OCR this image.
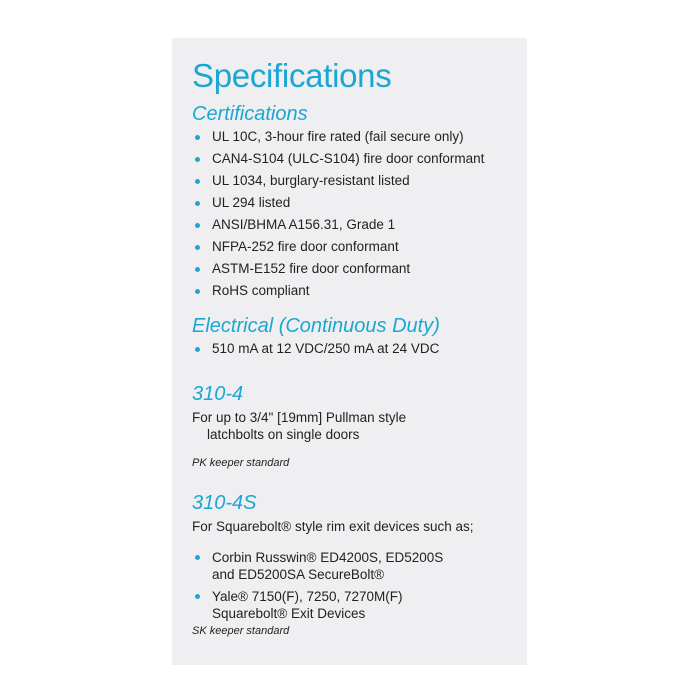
Specifications
Certifications
UL 10C, 3-hour fire rated (fail secure only)
CAN4-S104 (ULC-S104) fire door conformant
UL 1034, burglary-resistant listed
UL 294 listed
ANSI/BHMA A156.31, Grade 1
NFPA-252 fire door conformant
ASTM-E152 fire door conformant
RoHS compliant
Electrical (Continuous Duty)
510 mA at 12 VDC/250 mA at 24 VDC
310-4

For up to 3/4" [19mm] Pullman style
latchbolts on single doors

PK keeper standard

310-4S

For Squarebolt® style rim exit devices such as;

Corbin Russwin® ED4200S, ED5200S
and ED5200SA SecureBolt®
Yale® 7150(F), 7250, 7270M(F)
Squarebolt® Exit Devices

SK keeper standard
